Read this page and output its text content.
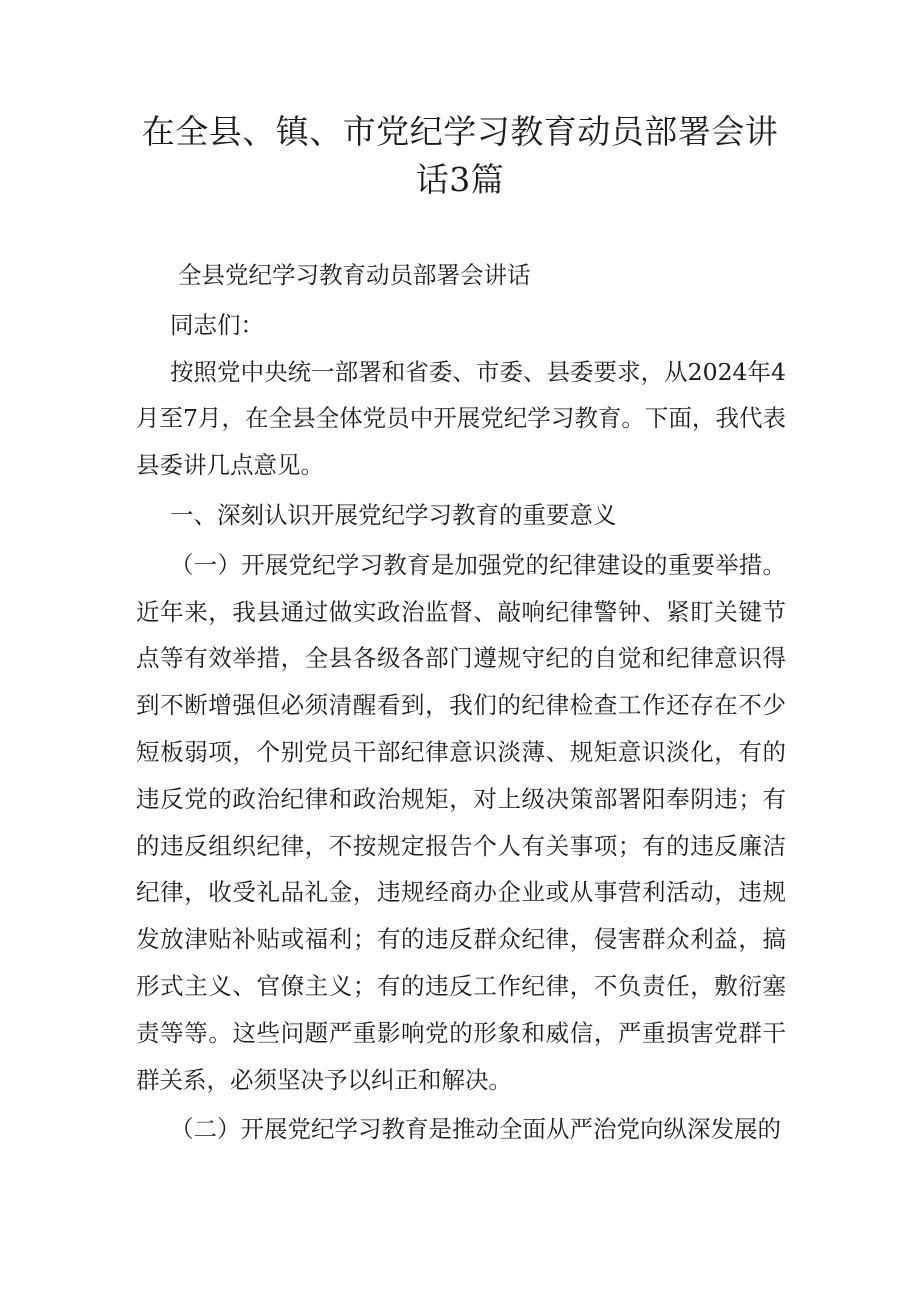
在全县、镇、市党纪学习教育动员部署会讲
话3篇

全县党纪学习教育动员部署会讲话

同志们：

按照党中央统一部署和省委、市委、县委要求，从2024年4月至7月，在全县全体党员中开展党纪学习教育。下面，我代表县委讲几点意见。

一、深刻认识开展党纪学习教育的重要意义

（一）开展党纪学习教育是加强党的纪律建设的重要举措。近年来，我县通过做实政治监督、敲响纪律警钟、紧盯关键节点等有效举措，全县各级各部门遵规守纪的自觉和纪律意识得到不断增强但必须清醒看到，我们的纪律检查工作还存在不少短板弱项，个别党员干部纪律意识淡薄、规矩意识淡化，有的违反党的政治纪律和政治规矩，对上级决策部署阳奉阴违；有的违反组织纪律，不按规定报告个人有关事项；有的违反廉洁纪律，收受礼品礼金，违规经商办企业或从事营利活动，违规发放津贴补贴或福利；有的违反群众纪律，侵害群众利益，搞形式主义、官僚主义；有的违反工作纪律，不负责任，敷衍塞责等等。这些问题严重影响党的形象和威信，严重损害党群干群关系，必须坚决予以纠正和解决。

（二）开展党纪学习教育是推动全面从严治党向纵深发展的
